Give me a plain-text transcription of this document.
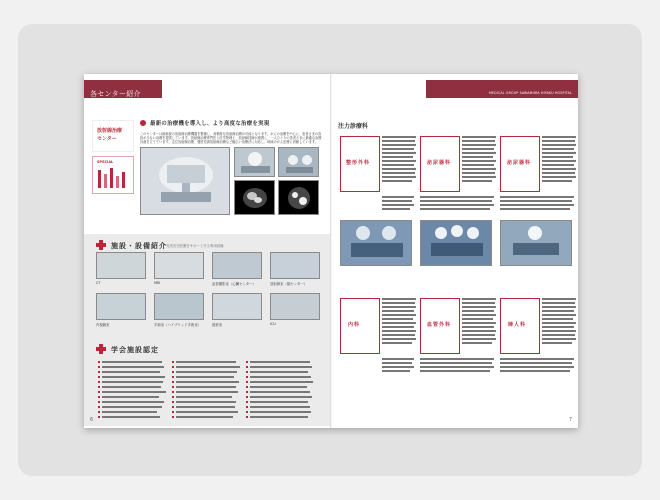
各センター紹介
放射線治療
センター
最新の治療機を導入し、より高度な治療を実現

このセンターは最新鋭の放射線治療機器を整備し、高精度な放射線治療が可能となります。がんの治療を中心に、患者さまの負担が少ない治療を提供しています。放射線治療専門医と医学物理士、放射線技師が連携し、一人ひとりの患者さまに最適な治療計画を立てています。定位放射線治療、強度変調放射線治療など幅広い治療法に対応し、地域のがん医療に貢献しています。

SPECIAL
施設・設備紹介 充実各分医療をサポートする専用設備
CT	MRI	血管撮影室（心臓センター）	放射線室（脳センター）
内視鏡室	手術室（ハイブリッド手術室）	透析室	ICU
学会施設認定
6
MEDICAL GROUP SAWAMURA HIYAKU HOSPITAL
注力診療科
整形外科	泌尿器科	泌尿器科
内科	血管外科	婦人科
7
